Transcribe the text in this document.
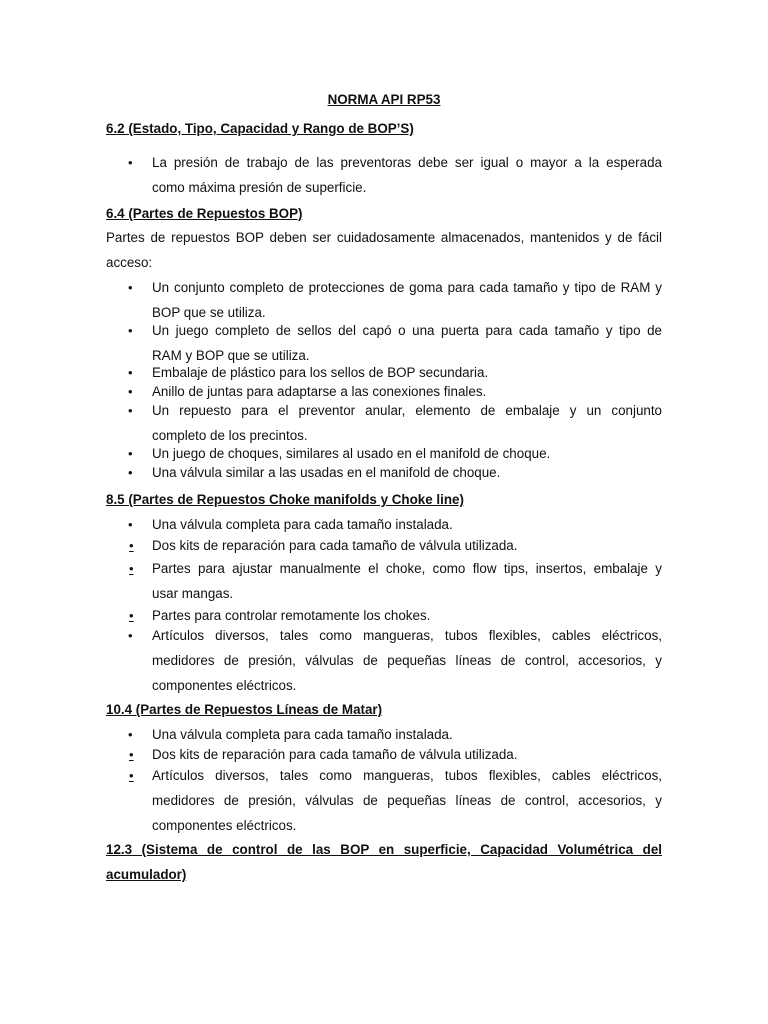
NORMA API RP53
6.2 (Estado, Tipo, Capacidad y Rango de BOP’S)
•	La presión de trabajo de las preventoras debe ser igual o mayor a la esperada
como máxima presión de superficie.
6.4 (Partes de Repuestos BOP)
Partes de repuestos BOP deben ser cuidadosamente almacenados, mantenidos y de fácil
acceso:
•	Un conjunto completo de protecciones de goma para cada tamaño y tipo de RAM y
BOP que se utiliza.
•	Un juego completo de sellos del capó o una puerta para cada tamaño y tipo de
RAM y BOP que se utiliza.
•	Embalaje de plástico para los sellos de BOP secundaria.
•	Anillo de juntas para adaptarse a las conexiones finales.
•	Un repuesto para el preventor anular, elemento de embalaje y un conjunto
completo de los precintos.
•	Un juego de choques, similares al usado en el manifold de choque.
•	Una válvula similar a las usadas en el manifold de choque.
8.5 (Partes de Repuestos Choke manifolds y Choke line)
•	Una válvula completa para cada tamaño instalada.
•	Dos kits de reparación para cada tamaño de válvula utilizada.
•	Partes para ajustar manualmente el choke, como flow tips, insertos, embalaje y
usar mangas.
•	Partes para controlar remotamente los chokes.
•	Artículos diversos, tales como mangueras, tubos flexibles, cables eléctricos,
medidores de presión, válvulas de pequeñas líneas de control, accesorios, y
componentes eléctricos.
10.4 (Partes de Repuestos Líneas de Matar)
•	Una válvula completa para cada tamaño instalada.
•	Dos kits de reparación para cada tamaño de válvula utilizada.
•	Artículos diversos, tales como mangueras, tubos flexibles, cables eléctricos,
medidores de presión, válvulas de pequeñas líneas de control, accesorios, y
componentes eléctricos.
12.3 (Sistema de control de las BOP en superficie, Capacidad Volumétrica del
acumulador)
